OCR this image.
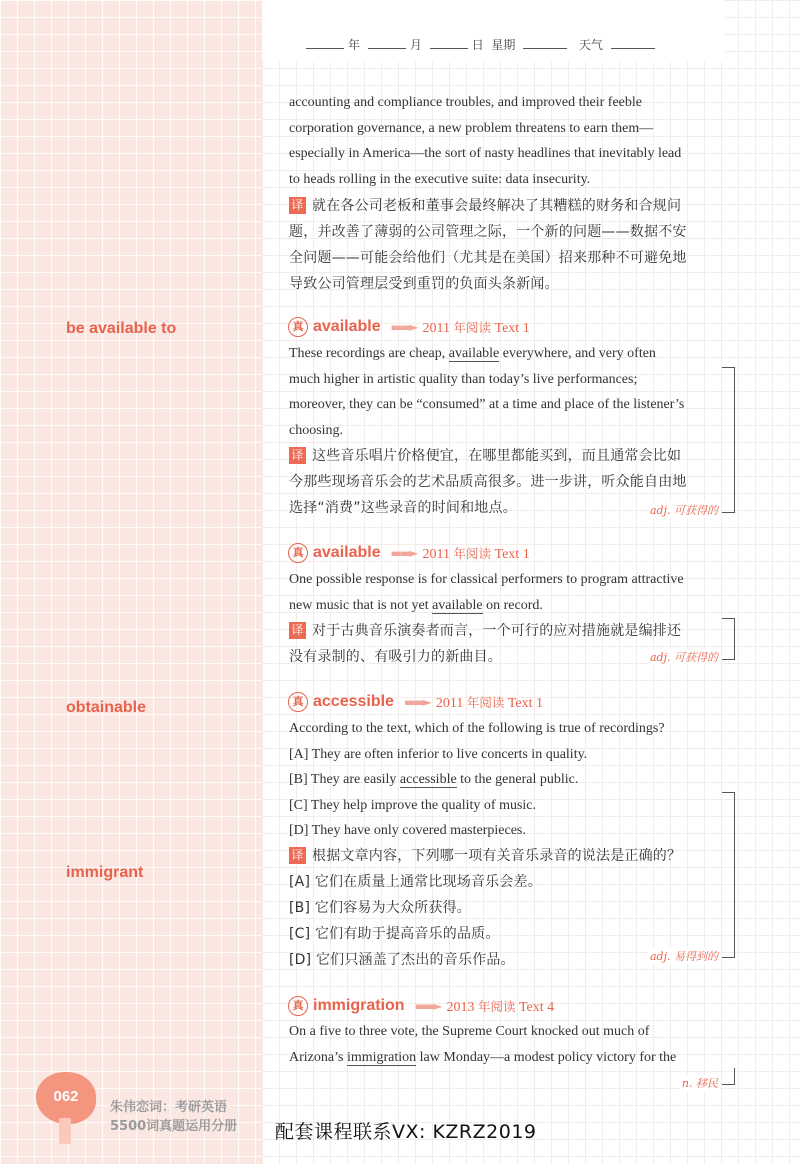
年	月	日 星期	天气
be available to
obtainable
immigrant
accounting and compliance troubles, and improved their feeble
corporation governance, a new problem threatens to earn them—
especially in America—the sort of nasty headlines that inevitably lead
to heads rolling in the executive suite: data insecurity.
译 就在各公司老板和董事会最终解决了其糟糕的财务和合规问
题，并改善了薄弱的公司管理之际，一个新的问题——数据不安
全问题——可能会给他们（尤其是在美国）招来那种不可避免地
导致公司管理层受到重罚的负面头条新闻。
真 available ▬▬► 2011 年阅读 Text 1
These recordings are cheap, available everywhere, and very often
much higher in artistic quality than today’s live performances;
moreover, they can be “consumed” at a time and place of the listener’s
choosing.
译 这些音乐唱片价格便宜，在哪里都能买到，而且通常会比如
今那些现场音乐会的艺术品质高很多。进一步讲，听众能自由地
选择“消费”这些录音的时间和地点。	adj. 可获得的
真 available ▬▬► 2011 年阅读 Text 1
One possible response is for classical performers to program attractive
new music that is not yet available on record.
译 对于古典音乐演奏者而言，一个可行的应对措施就是编排还
没有录制的、有吸引力的新曲目。	adj. 可获得的
真 accessible ▬▬► 2011 年阅读 Text 1
According to the text, which of the following is true of recordings?
[A] They are often inferior to live concerts in quality.
[B] They are easily accessible to the general public.
[C] They help improve the quality of music.
[D] They have only covered masterpieces.
译 根据文章内容，下列哪一项有关音乐录音的说法是正确的？
[A] 它们在质量上通常比现场音乐会差。
[B] 它们容易为大众所获得。
[C] 它们有助于提高音乐的品质。
[D] 它们只涵盖了杰出的音乐作品。	adj. 易得到的
真 immigration ▬▬► 2013 年阅读 Text 4
On a five to three vote, the Supreme Court knocked out much of
Arizona’s immigration law Monday—a modest policy victory for the
n. 移民
062
朱伟恋词：考研英语
5500词真题运用分册 配套课程联系VX: KZRZ2019
